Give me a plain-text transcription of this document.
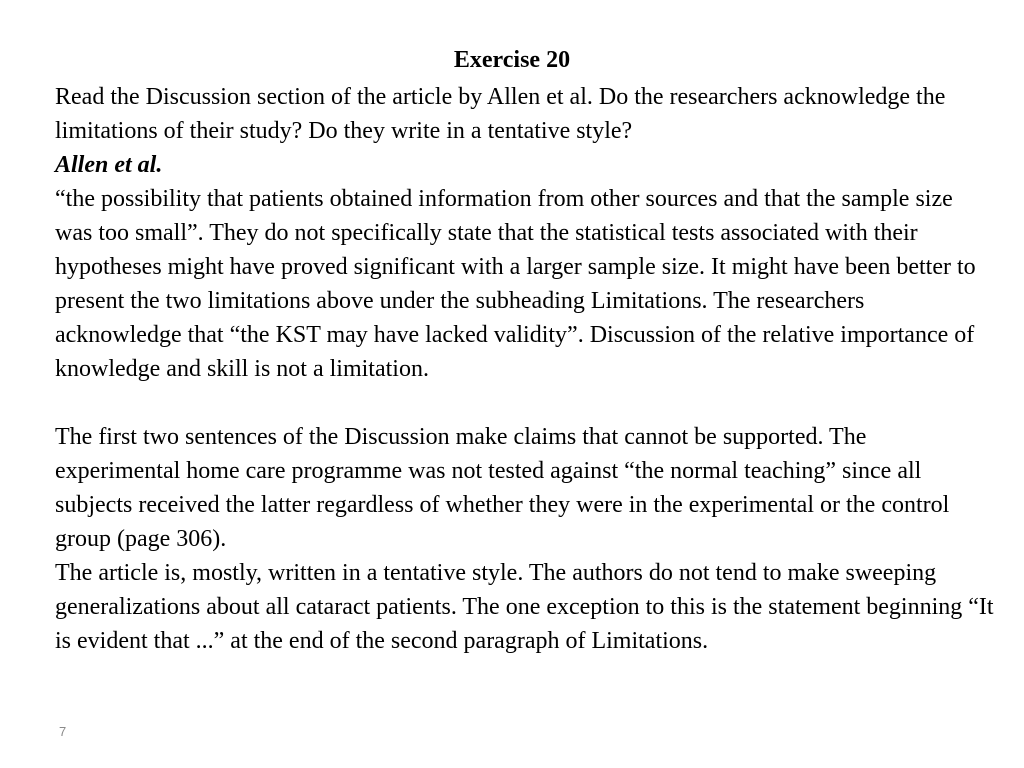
Exercise 20

Read the Discussion section of the article by Allen et al. Do the researchers acknowledge the limitations of their study? Do they write in a tentative style?

Allen et al.

“the possibility that patients obtained information from other sources and that the sample size was too small”. They do not specifically state that the statistical tests associated with their hypotheses might have proved significant with a larger sample size. It might have been better to present the two limitations above under the subheading Limitations. The researchers acknowledge that “the KST may have lacked validity”. Discussion of the relative importance of knowledge and skill is not a limitation.

The first two sentences of the Discussion make claims that cannot be supported. The experimental home care programme was not tested against “the normal teaching” since all subjects received the latter regardless of whether they were in the experimental or the control group (page 306).

The article is, mostly, written in a tentative style. The authors do not tend to make sweeping generalizations about all cataract patients. The one exception to this is the statement beginning “It is evident that ...” at the end of the second paragraph of Limitations.

7
